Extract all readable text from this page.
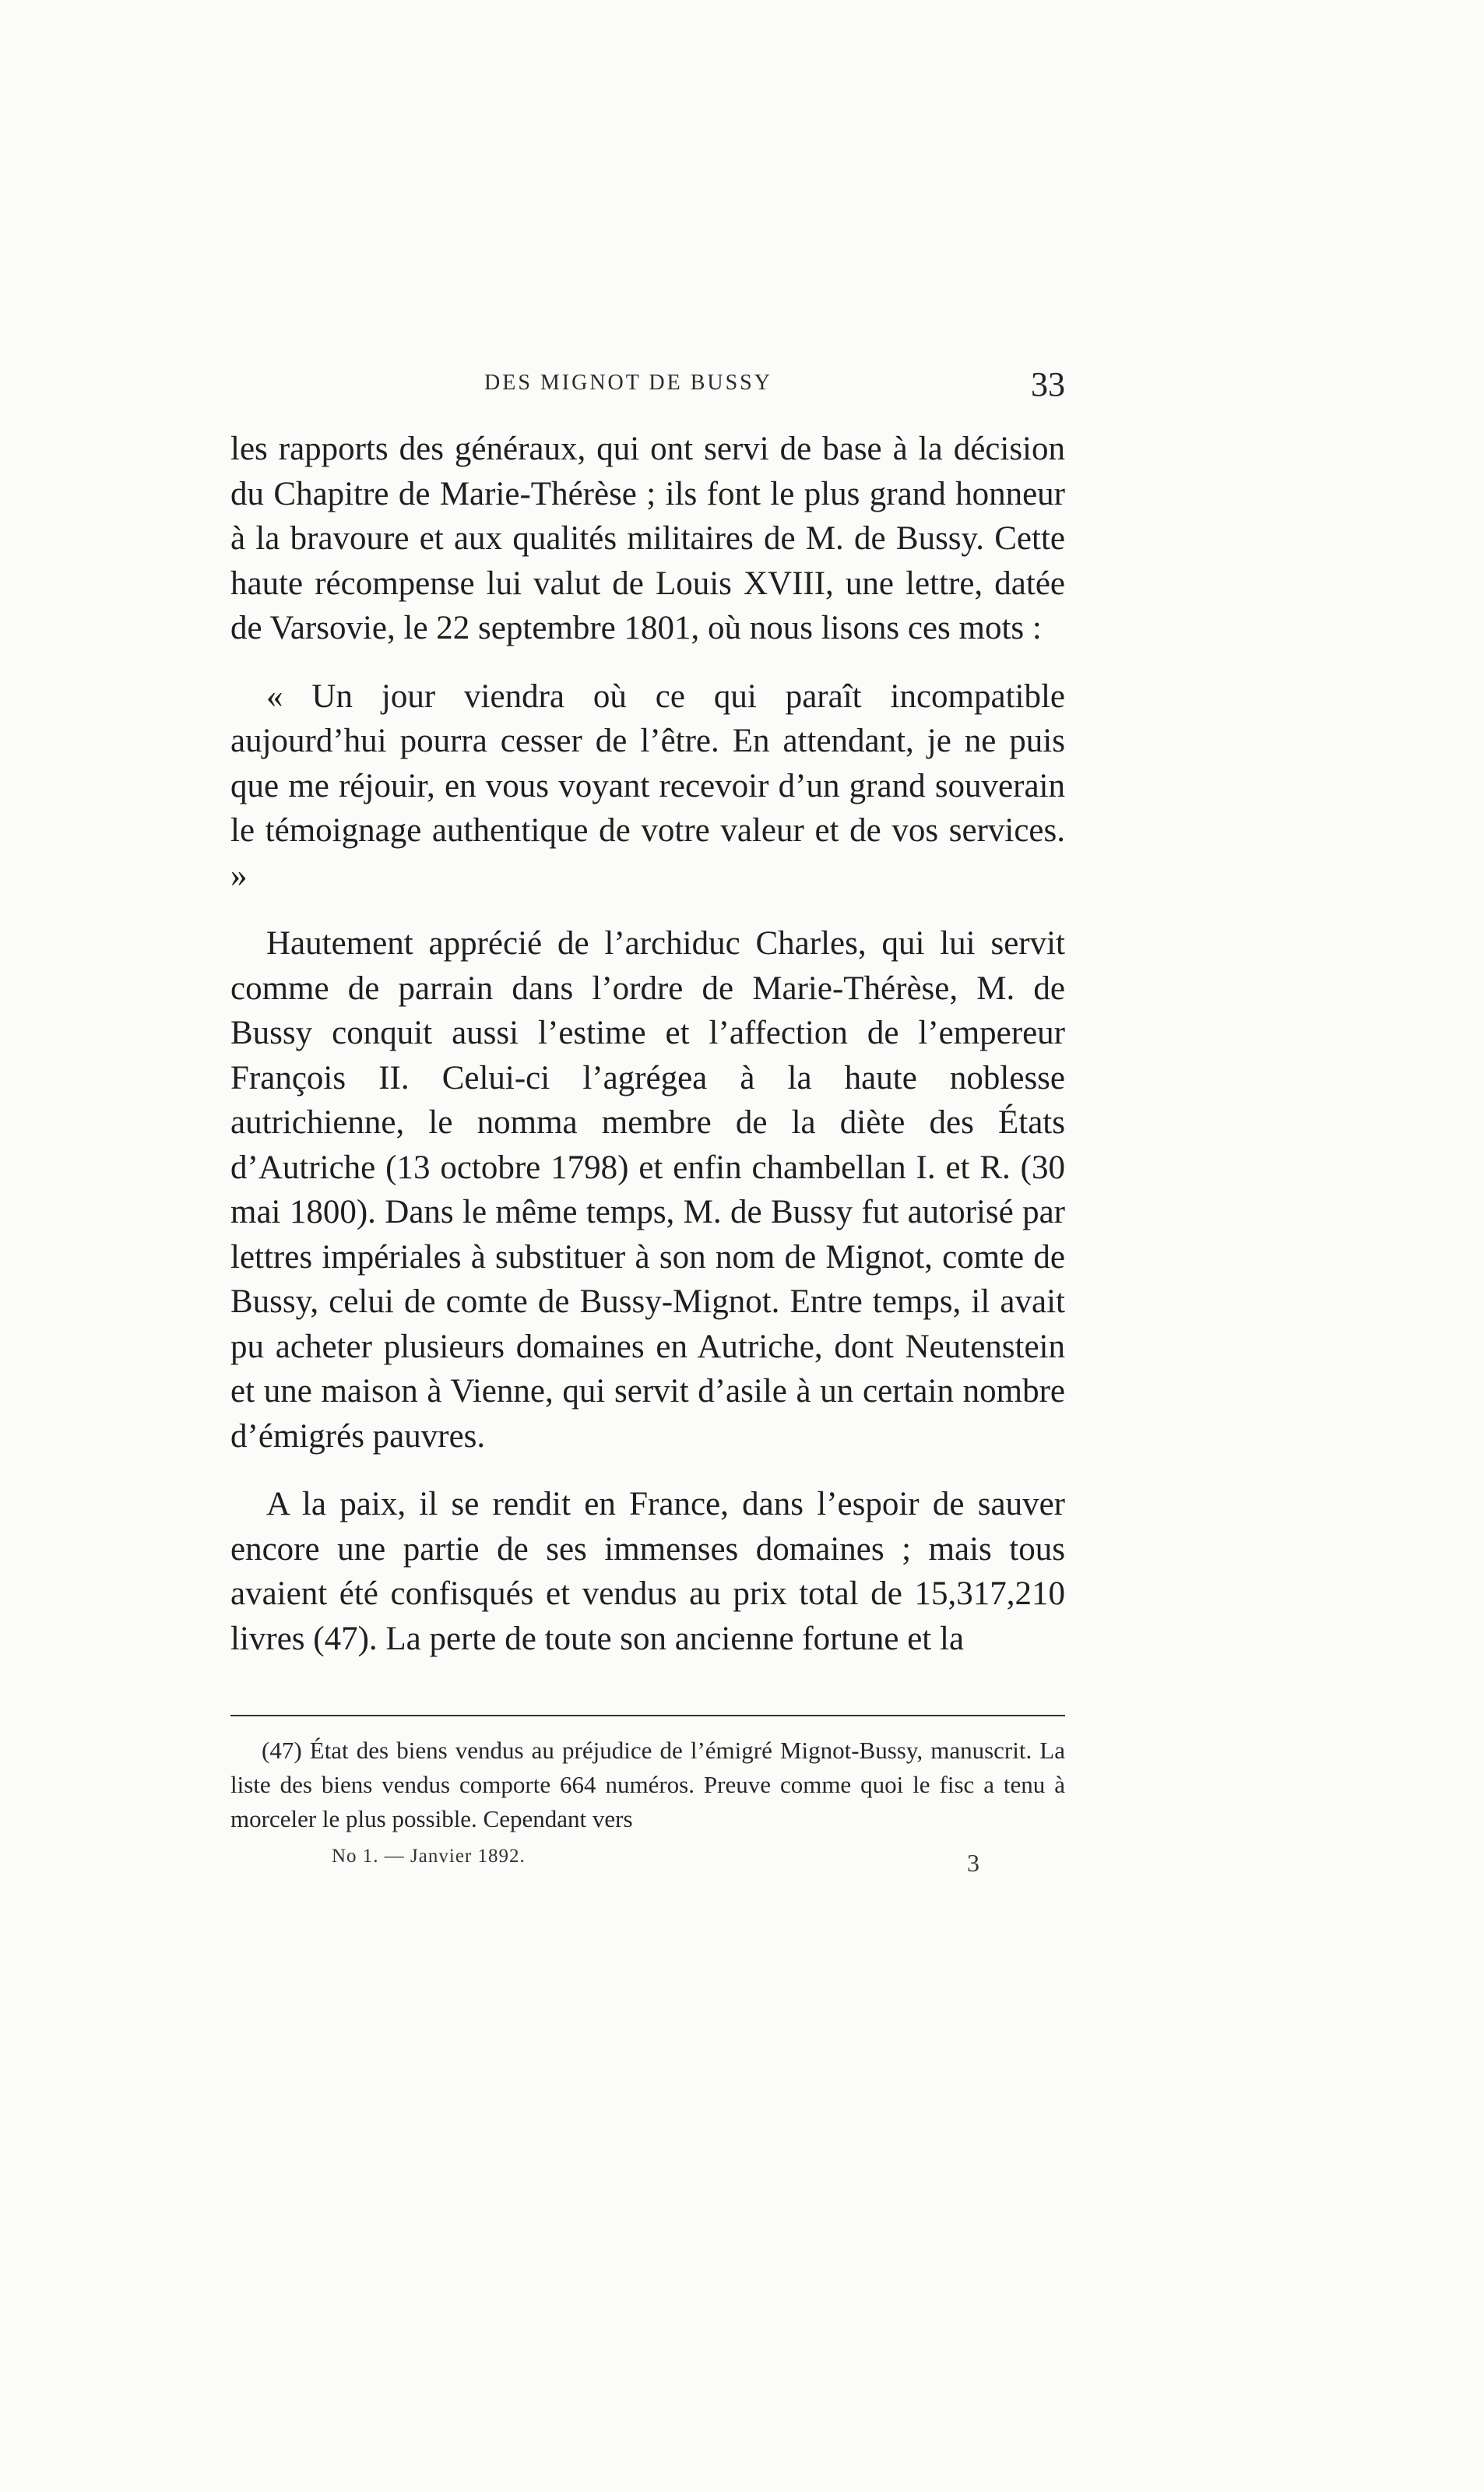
DES MIGNOT DE BUSSY	33

les rapports des généraux, qui ont servi de base à la décision du Chapitre de Marie-Thérèse ; ils font le plus grand honneur à la bravoure et aux qualités militaires de M. de Bussy. Cette haute récompense lui valut de Louis XVIII, une lettre, datée de Varsovie, le 22 septembre 1801, où nous lisons ces mots :

« Un jour viendra où ce qui paraît incompatible aujourd’hui pourra cesser de l’être. En attendant, je ne puis que me réjouir, en vous voyant recevoir d’un grand souverain le témoignage authentique de votre valeur et de vos services. »

Hautement apprécié de l’archiduc Charles, qui lui servit comme de parrain dans l’ordre de Marie-Thérèse, M. de Bussy conquit aussi l’estime et l’affection de l’empereur François II. Celui-ci l’agrégea à la haute noblesse autrichienne, le nomma membre de la diète des États d’Autriche (13 octobre 1798) et enfin chambellan I. et R. (30 mai 1800). Dans le même temps, M. de Bussy fut autorisé par lettres impériales à substituer à son nom de Mignot, comte de Bussy, celui de comte de Bussy-Mignot. Entre temps, il avait pu acheter plusieurs domaines en Autriche, dont Neutenstein et une maison à Vienne, qui servit d’asile à un certain nombre d’émigrés pauvres.

A la paix, il se rendit en France, dans l’espoir de sauver encore une partie de ses immenses domaines ; mais tous avaient été confisqués et vendus au prix total de 15,317,210 livres (47). La perte de toute son ancienne fortune et la

(47) État des biens vendus au préjudice de l’émigré Mignot-Bussy, manuscrit. La liste des biens vendus comporte 664 numéros. Preuve comme quoi le fisc a tenu à morceler le plus possible. Cependant vers

No 1. — Janvier 1892.	3
